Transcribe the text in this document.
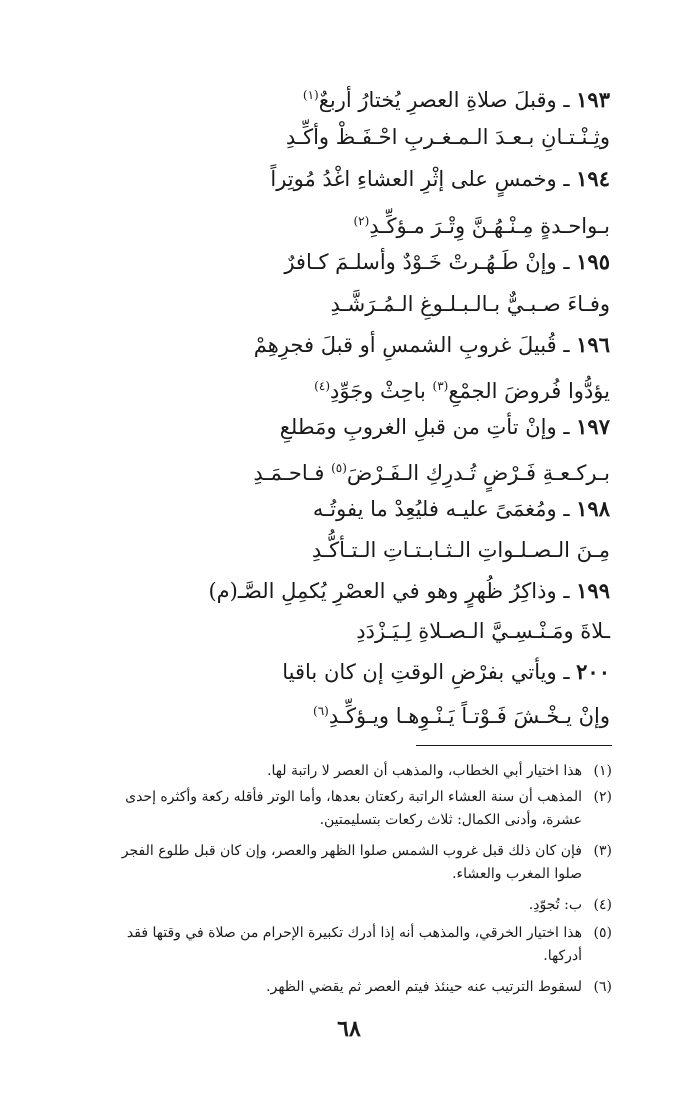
١٩٣ ـ وقبلَ صلاةِ العصرِ يُختارُ أربعٌ$^{(١)}$
وثِـنْـتـانِ بـعـدَ الـمـغـربِ احْـفَـظْ وأكِّـدِ
١٩٤ ـ وخمسٍ على إثْرِ العشاءِ اغْدُ مُوتِراً
بـواحـدةٍ مِـنْـهُـنَّ وِتْـرَ مـؤكِّـدِ$^{(٢)}$
١٩٥ ـ وإنْ طَـهُـرتْ خَـوْدٌ وأسلـمَ كـافرٌ
وفـاءَ صـبـيٌّ بـالـبـلـوغِ الـمُـرَشَّـدِ
١٩٦ ـ قُبيلَ غروبِ الشمسِ أو قبلَ فجرِهِمْ
يؤدُّوا فُروضَ الجمْعِ$^{(٣)}$ باحِثْ وجَوِّدِ$^{(٤)}$
١٩٧ ـ وإنْ تأتِ من قبلِ الغروبِ ومَطلعِ
بـركـعـةِ فَـرْضٍ تُـدرِكِ الـفَـرْضَ$^{(٥)}$ فـاحـمَـدِ
١٩٨ ـ ومُغمَىً عليـه فليُعِدْ ما يفوتُـه
مِـنَ الـصـلـواتِ الـثـابـتـاتِ الـتـأكُّـدِ
١٩٩ ـ وذاكِرُ ظُهرٍ وهو في العصْرِ يُكمِلِ الصَّـ(م)
ـلاةَ ومَـنْـسِـيَّ الـصـلاةِ لِـيَـزْدَدِ
٢٠٠ ـ ويأتي بفرْضِ الوقتِ إن كان باقيا
وإنْ يـخْـشَ فَـوْتـاً يَـنْـوِهـا ويـؤكِّـدِ$^{(٦)}$
(١)هذا اختيار أبي الخطاب، والمذهب أن العصر لا راتبة لها.
(٢)المذهب أن سنة العشاء الراتبة ركعتان بعدها، وأما الوتر فأقله ركعة وأكثره إحدى
عشرة، وأدنى الكمال: ثلاث ركعات بتسليمتين.
(٣)فإن كان ذلك قبل غروب الشمس صلوا الظهر والعصر، وإن كان قبل طلوع الفجر
صلوا المغرب والعشاء.
(٤)ب: تُجوّدِ.
(٥)هذا اختيار الخرقي، والمذهب أنه إذا أدرك تكبيرة الإحرام من صلاة في وقتها فقد
أدركها.
(٦)لسقوط الترتيب عنه حينئذ فيتم العصر ثم يقضي الظهر.
٦٨
